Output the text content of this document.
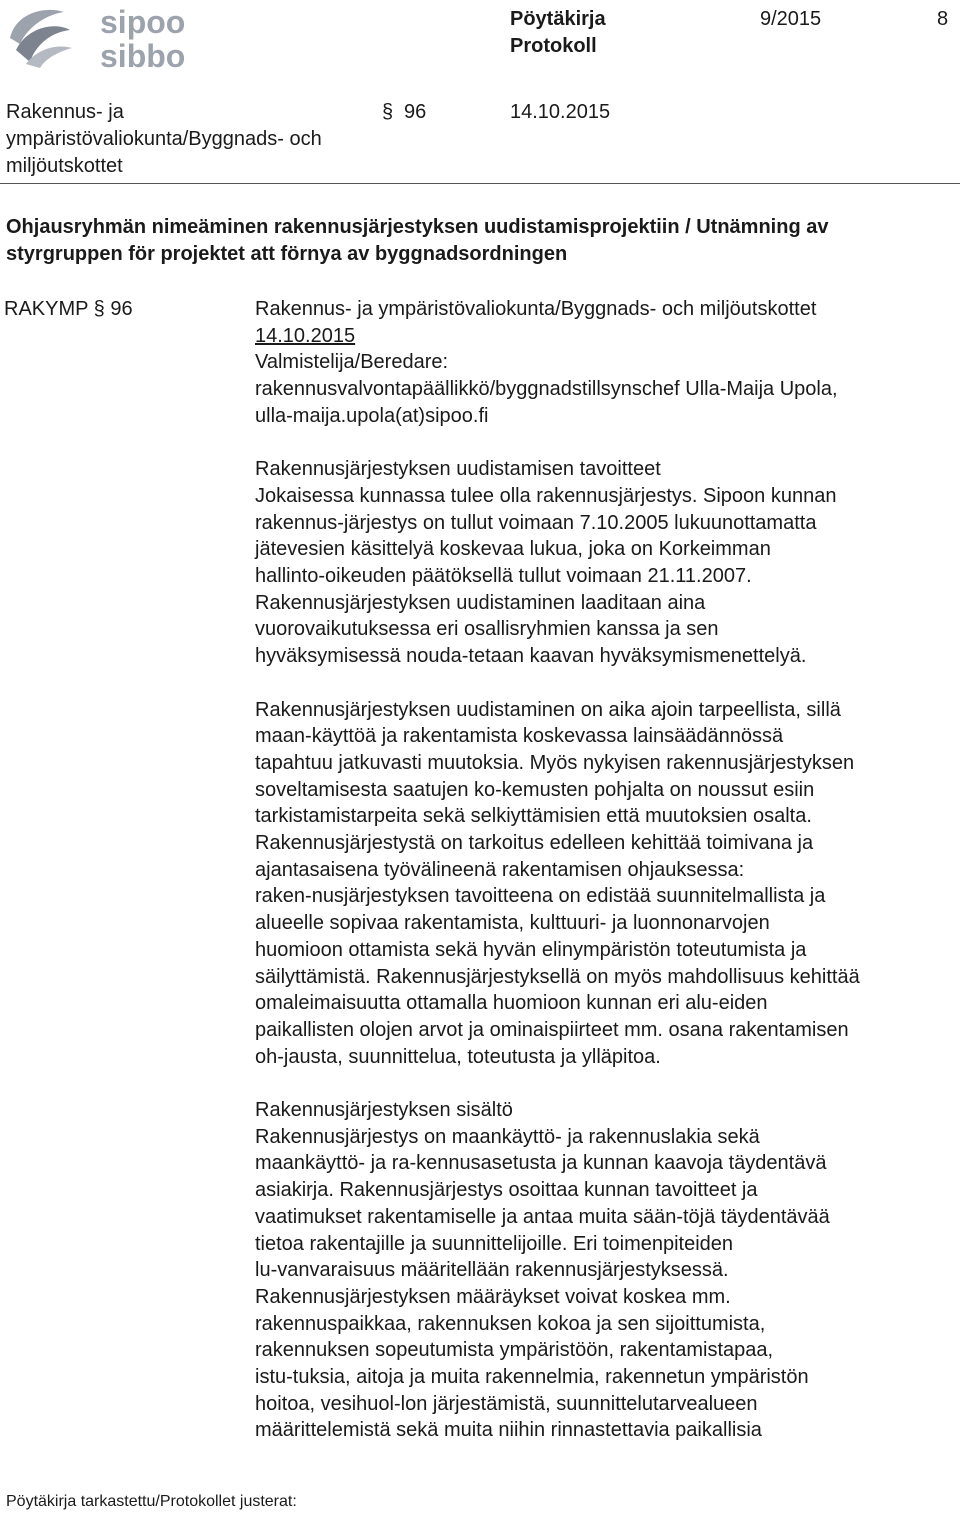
sipoo
sibbo
Pöytäkirja
Protokoll
9/2015	8
Rakennus- ja
ympäristövaliokunta/Byggnads- och
miljöutskottet
§ 96	14.10.2015
Ohjausryhmän nimeäminen rakennusjärjestyksen uudistamisprojektiin / Utnämning av
styrgruppen för projektet att förnya av byggnadsordningen
RAKYMP § 96	Rakennus- ja ympäristövaliokunta/Byggnads- och miljöutskottet
14.10.2015
Valmistelija/Beredare:
rakennusvalvontapäällikkö/byggnadstillsynschef Ulla-Maija Upola,
ulla-maija.upola(at)sipoo.fi
Rakennusjärjestyksen uudistamisen tavoitteet
Jokaisessa kunnassa tulee olla rakennusjärjestys. Sipoon kunnan
rakennus-järjestys on tullut voimaan 7.10.2005 lukuunottamatta
jätevesien käsittelyä koskevaa lukua, joka on Korkeimman
hallinto-oikeuden päätöksellä tullut voimaan 21.11.2007.
Rakennusjärjestyksen uudistaminen laaditaan aina
vuorovaikutuksessa eri osallisryhmien kanssa ja sen
hyväksymisessä nouda-tetaan kaavan hyväksymismenettelyä.
Rakennusjärjestyksen uudistaminen on aika ajoin tarpeellista, sillä
maan-käyttöä ja rakentamista koskevassa lainsäädännössä
tapahtuu jatkuvasti muutoksia. Myös nykyisen rakennusjärjestyksen
soveltamisesta saatujen ko-kemusten pohjalta on noussut esiin
tarkistamistarpeita sekä selkiyttämisien että muutoksien osalta.
Rakennusjärjestystä on tarkoitus edelleen kehittää toimivana ja
ajantasaisena työvälineenä rakentamisen ohjauksessa:
raken-nusjärjestyksen tavoitteena on edistää suunnitelmallista ja
alueelle sopivaa rakentamista, kulttuuri- ja luonnonarvojen
huomioon ottamista sekä hyvän elinympäristön toteutumista ja
säilyttämistä. Rakennusjärjestyksellä on myös mahdollisuus kehittää
omaleimaisuutta ottamalla huomioon kunnan eri alu-eiden
paikallisten olojen arvot ja ominaispiirteet mm. osana rakentamisen
oh-jausta, suunnittelua, toteutusta ja ylläpitoa.
Rakennusjärjestyksen sisältö
Rakennusjärjestys on maankäyttö- ja rakennuslakia sekä
maankäyttö- ja ra-kennusasetusta ja kunnan kaavoja täydentävä
asiakirja. Rakennusjärjestys osoittaa kunnan tavoitteet ja
vaatimukset rakentamiselle ja antaa muita sään-töjä täydentävää
tietoa rakentajille ja suunnittelijoille. Eri toimenpiteiden
lu-vanvaraisuus määritellään rakennusjärjestyksessä.
Rakennusjärjestyksen määräykset voivat koskea mm.
rakennuspaikkaa, rakennuksen kokoa ja sen sijoittumista,
rakennuksen sopeutumista ympäristöön, rakentamistapaa,
istu-tuksia, aitoja ja muita rakennelmia, rakennetun ympäristön
hoitoa, vesihuol-lon järjestämistä, suunnittelutarvealueen
määrittelemistä sekä muita niihin rinnastettavia paikallisia
Pöytäkirja tarkastettu/Protokollet justerat:
